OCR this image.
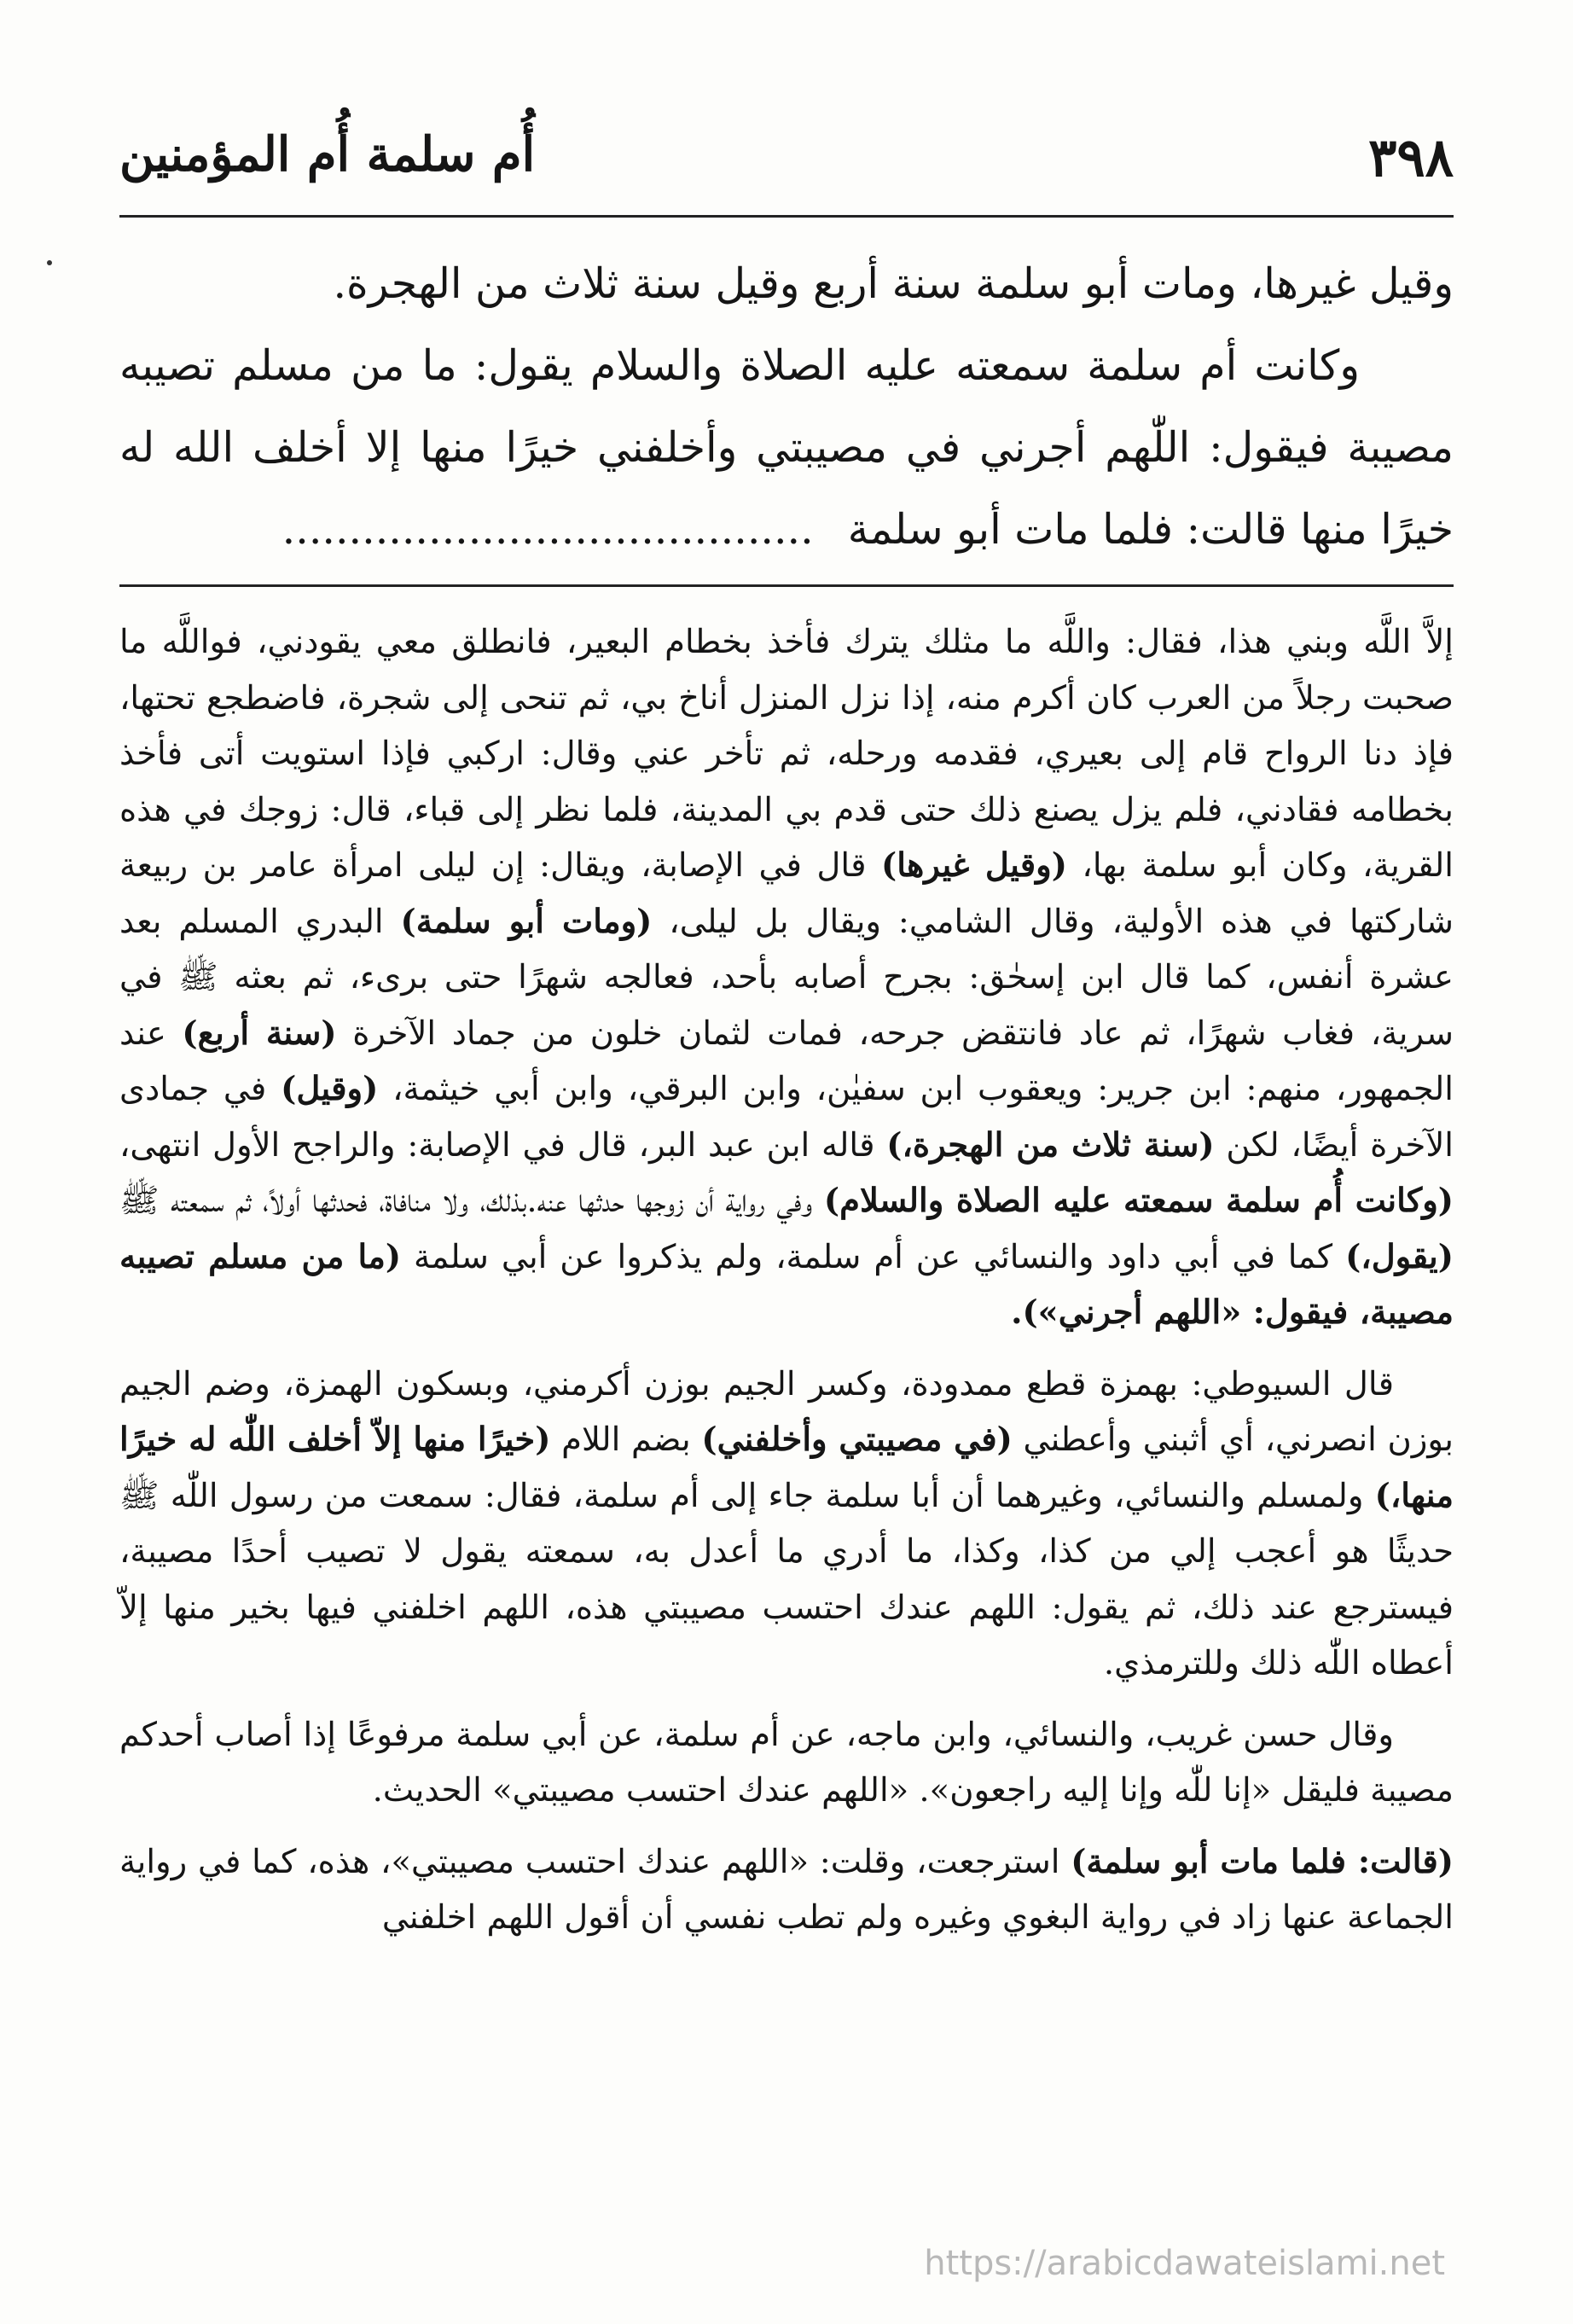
٣٩٨
أُم سلمة أُم المؤمنين

وقيل غيرها، ومات أبو سلمة سنة أربع وقيل سنة ثلاث من الهجرة.

وكانت أم سلمة سمعته عليه الصلاة والسلام يقول: ما من مسلم تصيبه مصيبة فيقول: اللّٰهم أجرني في مصيبتي وأخلفني خيرًا منها إلا أخلف الله له خيرًا منها قالت: فلما مات أبو سلمة........................................

إلاَّ اللَّه وبني هذا، فقال: واللَّه ما مثلك يترك فأخذ بخطام البعير، فانطلق معي يقودني، فواللَّه ما صحبت رجلاً من العرب كان أكرم منه، إذا نزل المنزل أناخ بي، ثم تنحى إلى شجرة، فاضطجع تحتها، فإذ دنا الرواح قام إلى بعيري، فقدمه ورحله، ثم تأخر عني وقال: اركبي فإذا استويت أتى فأخذ بخطامه فقادني، فلم يزل يصنع ذلك حتى قدم بي المدينة، فلما نظر إلى قباء، قال: زوجك في هذه القرية، وكان أبو سلمة بها، (وقيل غيرها) قال في الإصابة، ويقال: إن ليلى امرأة عامر بن ربيعة شاركتها في هذه الأولية، وقال الشامي: ويقال بل ليلى، (ومات أبو سلمة) البدري المسلم بعد عشرة أنفس، كما قال ابن إسحٰق: بجرح أصابه بأحد، فعالجه شهرًا حتى برىء، ثم بعثه ﷺ في سرية، فغاب شهرًا، ثم عاد فانتقض جرحه، فمات لثمان خلون من جماد الآخرة (سنة أربع) عند الجمهور، منهم: ابن جرير: ويعقوب ابن سفيٰن، وابن البرقي، وابن أبي خيثمة، (وقيل) في جمادى الآخرة أيضًا، لكن (سنة ثلاث من الهجرة،) قاله ابن عبد البر، قال في الإصابة: والراجح الأول انتهى، (وكانت أُم سلمة سمعته عليه الصلاة والسلام) وفي رواية أن زوجها حدثها عنه.بذلك، ولا منافاة، فحدثها أولاً، ثم سمعته ﷺ (يقول،) كما في أبي داود والنسائي عن أم سلمة، ولم يذكروا عن أبي سلمة (ما من مسلم تصيبه مصيبة، فيقول: «اللهم أجرني»).

قال السيوطي: بهمزة قطع ممدودة، وكسر الجيم بوزن أكرمني، وبسكون الهمزة، وضم الجيم بوزن انصرني، أي أثبني وأعطني (في مصيبتي وأخلفني) بضم اللام (خيرًا منها إلاّ أخلف اللّٰه له خيرًا منها،) ولمسلم والنسائي، وغيرهما أن أبا سلمة جاء إلى أم سلمة، فقال: سمعت من رسول اللّٰه ﷺ حديثًا هو أعجب إلي من كذا، وكذا، ما أدري ما أعدل به، سمعته يقول لا تصيب أحدًا مصيبة، فيسترجع عند ذلك، ثم يقول: اللهم عندك احتسب مصيبتي هذه، اللهم اخلفني فيها بخير منها إلاّ أعطاه اللّٰه ذلك وللترمذي.

وقال حسن غريب، والنسائي، وابن ماجه، عن أم سلمة، عن أبي سلمة مرفوعًا إذا أصاب أحدكم مصيبة فليقل «إنا للّٰه وإنا إليه راجعون». «اللهم عندك احتسب مصيبتي» الحديث.

(قالت: فلما مات أبو سلمة) استرجعت، وقلت: «اللهم عندك احتسب مصيبتي»، هذه، كما في رواية الجماعة عنها زاد في رواية البغوي وغيره ولم تطب نفسي أن أقول اللهم اخلفني

https://arabicdawateislami.net
